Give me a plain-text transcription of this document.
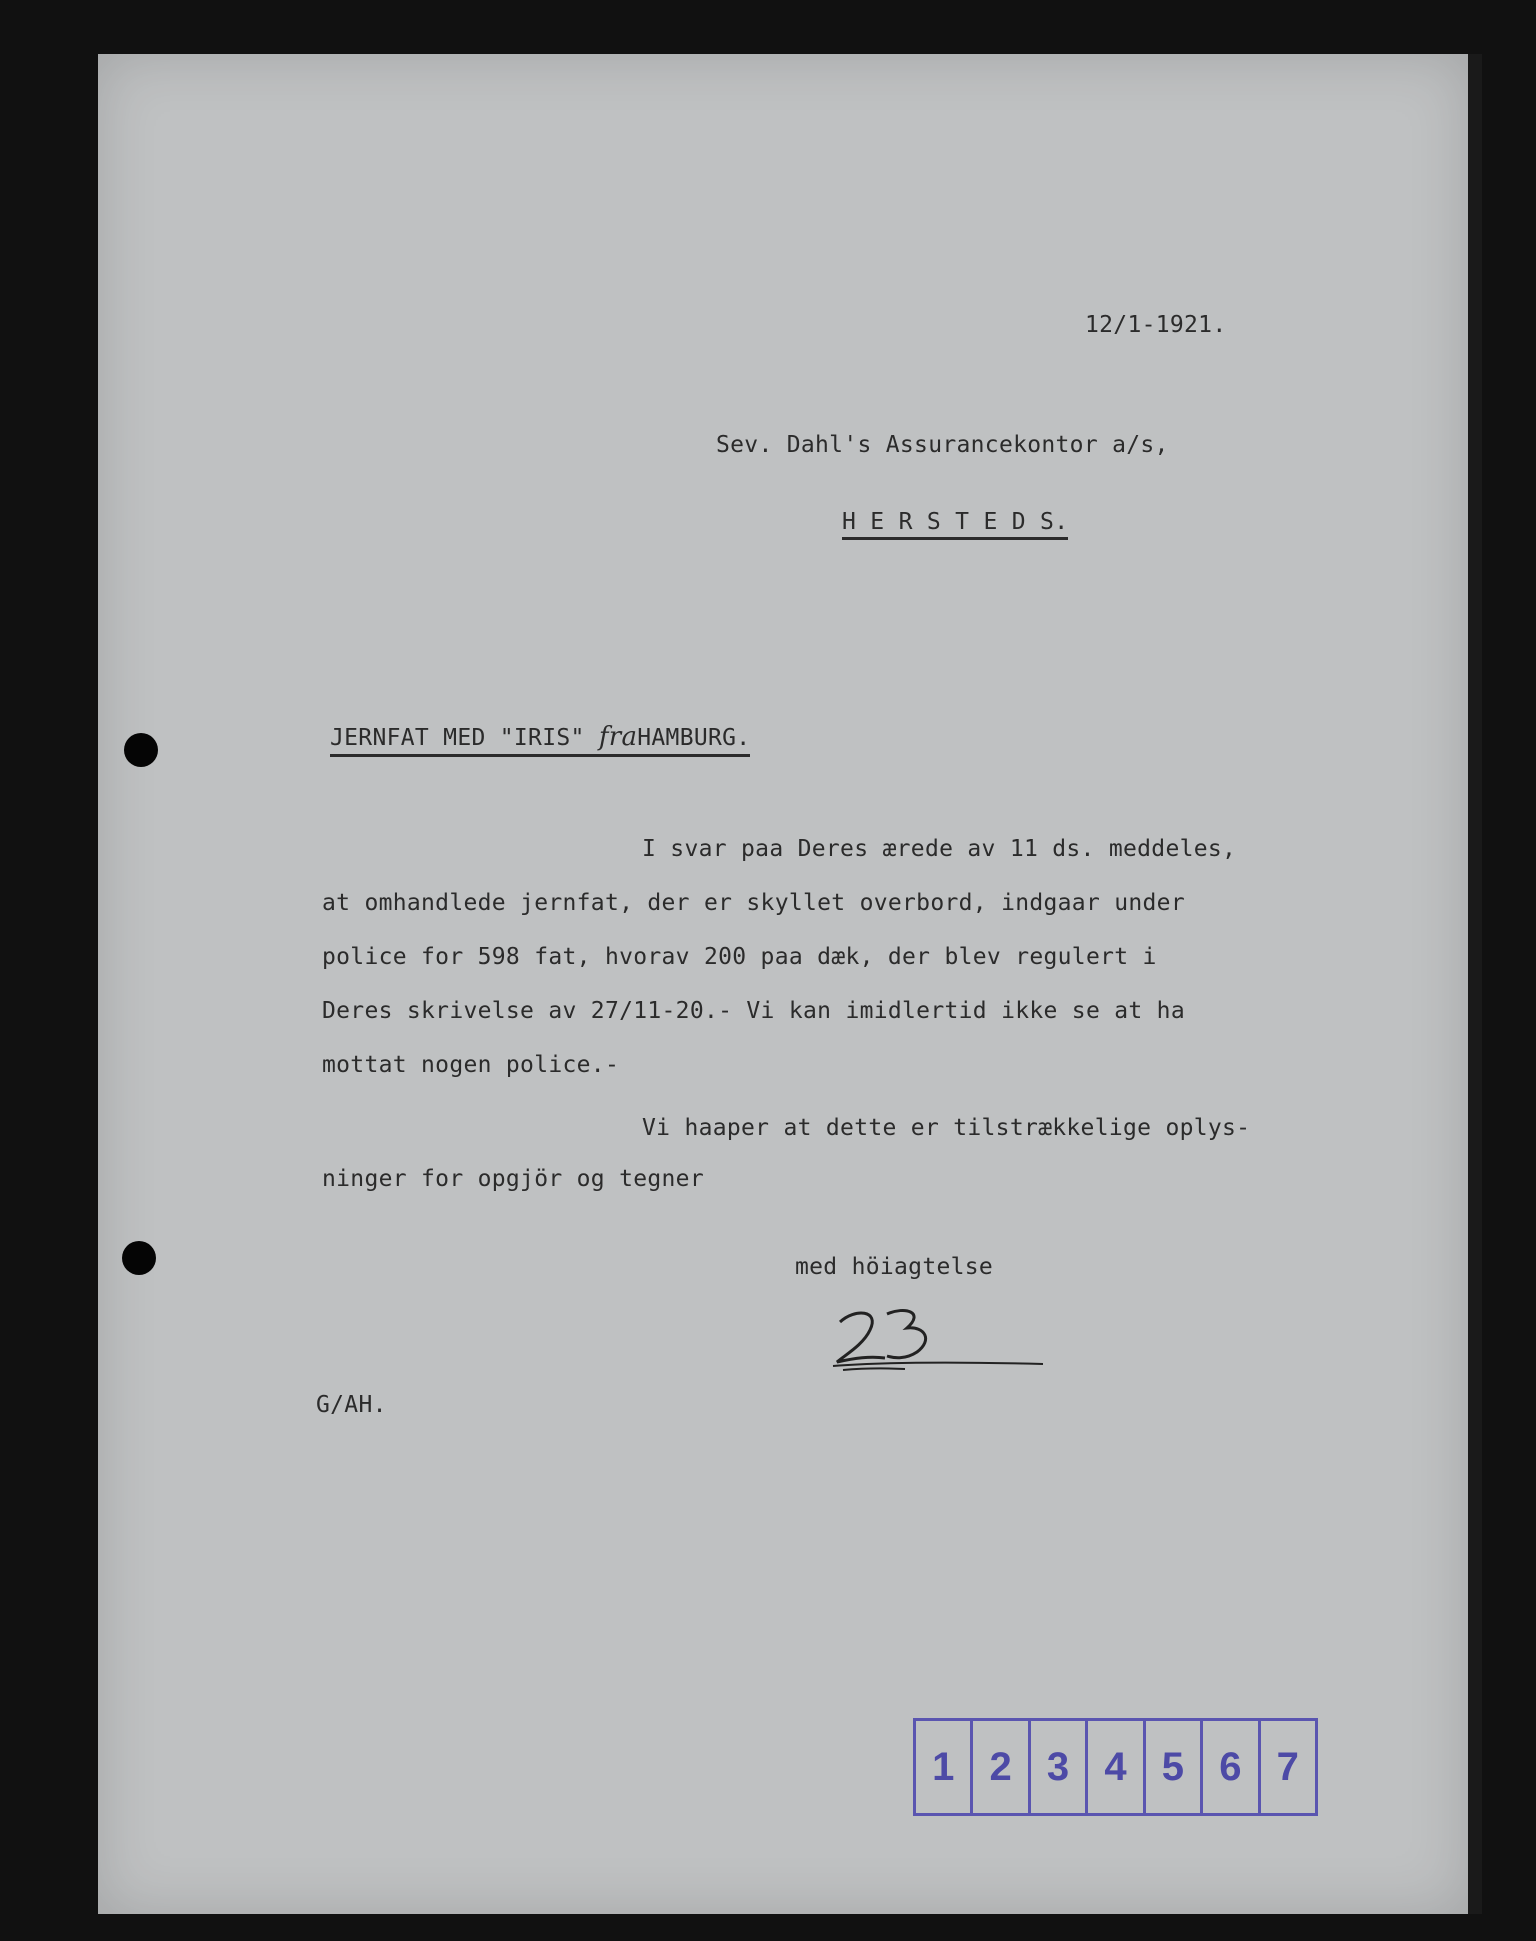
12/1-1921.
Sev. Dahl's Assurancekontor a/s,
H E R S T E D S.
JERNFAT MED "IRIS" fraHAMBURG.
I svar paa Deres ærede av 11 ds. meddeles,
at omhandlede jernfat, der er skyllet overbord, indgaar under
police for 598 fat, hvorav 200 paa dæk, der blev regulert i
Deres skrivelse av 27/11-20.- Vi kan imidlertid ikke se at ha
mottat nogen police.-
Vi haaper at dette er tilstrækkelige oplys-
ninger for opgjör og tegner
med höiagtelse
G/AH.
1 2 3 4 5 6 7
